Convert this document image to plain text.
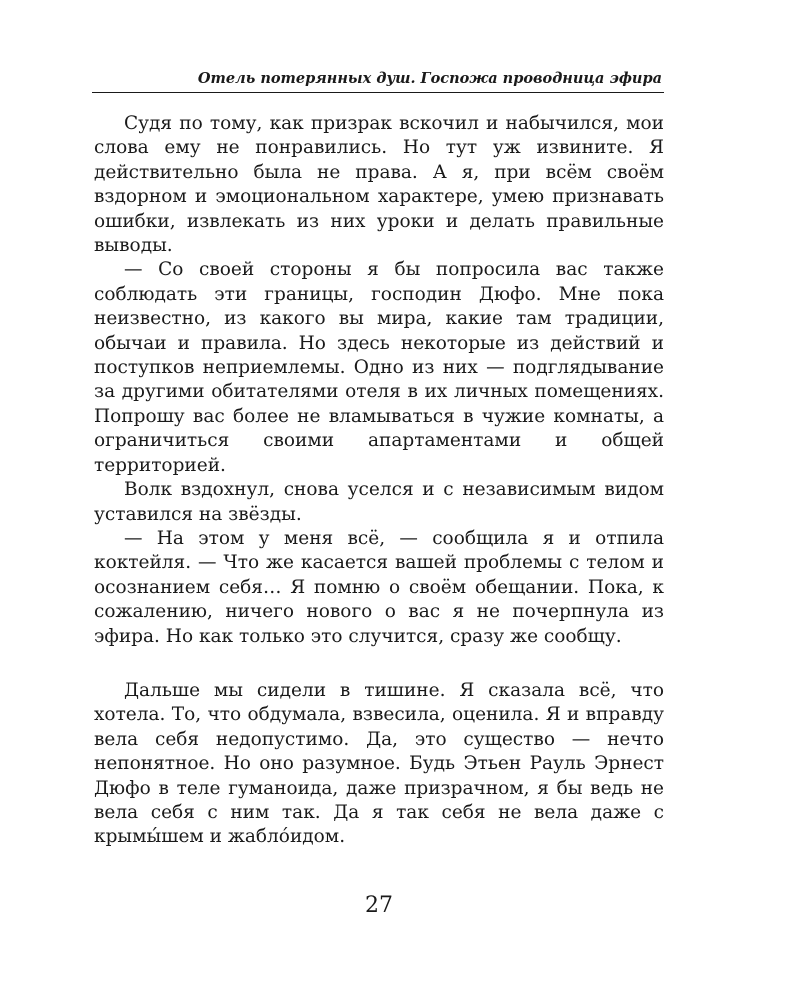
Отель потерянных душ. Госпожа проводница эфира

Судя по тому, как призрак вскочил и набычился, мои слова ему не понравились. Но тут уж извините. Я действительно была не права. А я, при всём своём вздорном и эмоциональном характере, умею признавать ошибки, извлекать из них уроки и делать правильные выводы.

— Со своей стороны я бы попросила вас также соблюдать эти границы, господин Дюфо. Мне пока неизвестно, из какого вы мира, какие там традиции, обычаи и правила. Но здесь некоторые из действий и поступков неприемлемы. Одно из них — подглядывание за другими обитателями отеля в их личных помещениях. Попрошу вас более не вламываться в чужие комнаты, а ограничиться своими апартаментами и общей территорией.

Волк вздохнул, снова уселся и с независимым видом уставился на звёзды.

— На этом у меня всё, — сообщила я и отпила коктейля. — Что же касается вашей проблемы с телом и осознанием себя… Я помню о своём обещании. Пока, к сожалению, ничего нового о вас я не почерпнула из эфира. Но как только это случится, сразу же сообщу.

Дальше мы сидели в тишине. Я сказала всё, что хотела. То, что обдумала, взвесила, оценила. Я и вправду вела себя недопустимо. Да, это существо — нечто непонятное. Но оно разумное. Будь Этьен Рауль Эрнест Дюфо в теле гуманоида, даже призрачном, я бы ведь не вела себя с ним так. Да я так себя не вела даже с крымы́шем и жабло́идом.

27
